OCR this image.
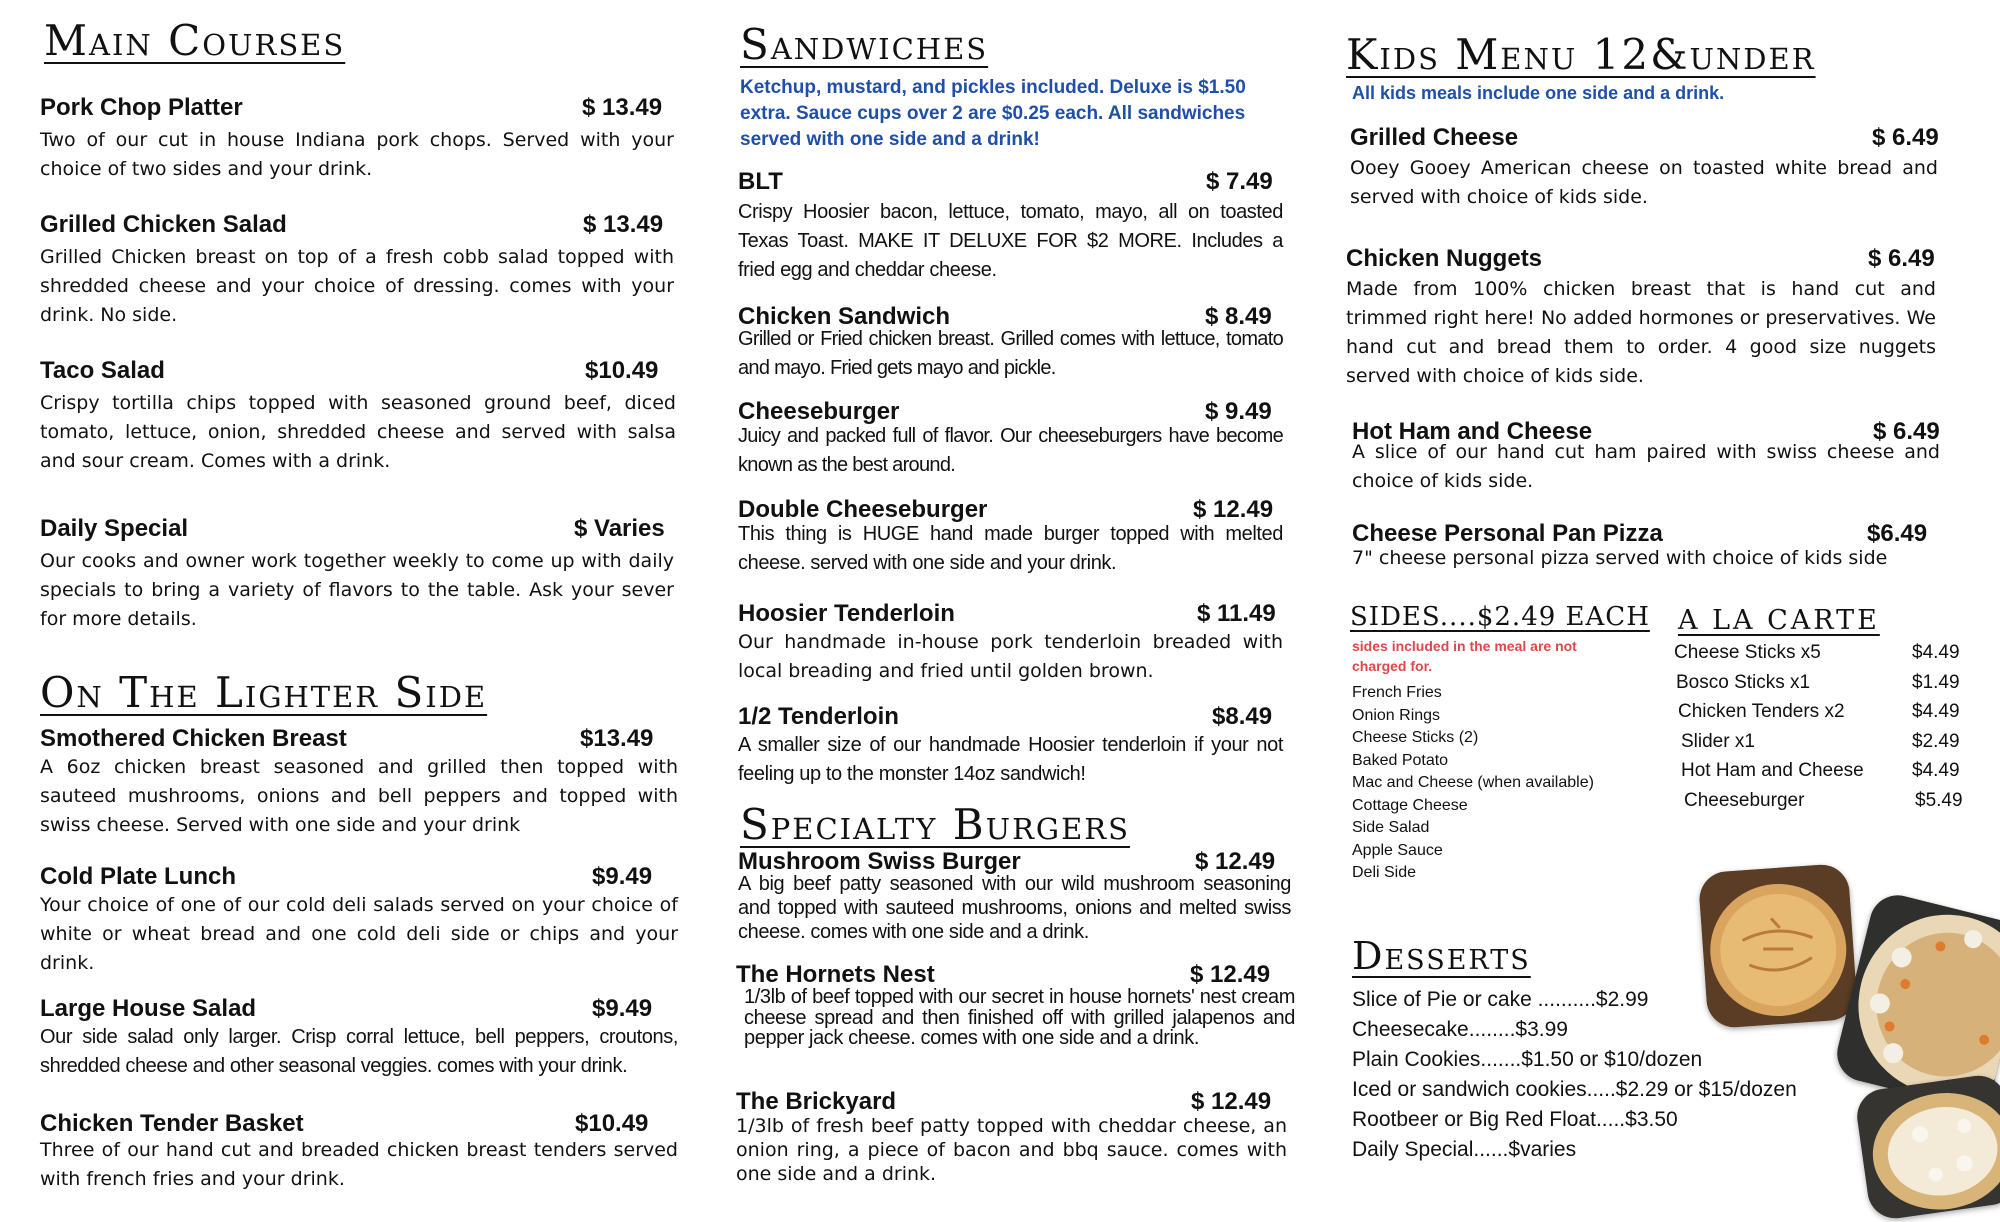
Main Courses
Pork Chop Platter	$ 13.49
Two of our cut in house Indiana pork chops. Served with your choice of two sides and your drink.
Grilled Chicken Salad	$ 13.49
Grilled Chicken breast on top of a fresh cobb salad topped with shredded cheese and your choice of dressing. comes with your drink. No side.
Taco Salad	$10.49
Crispy tortilla chips topped with seasoned ground beef, diced tomato, lettuce, onion, shredded cheese and served with salsa and sour cream. Comes with a drink.
Daily Special	$ Varies
Our cooks and owner work together weekly to come up with daily specials to bring a variety of flavors to the table. Ask your sever for more details.
On The Lighter Side
Smothered Chicken Breast	$13.49
A 6oz chicken breast seasoned and grilled then topped with sauteed mushrooms, onions and bell peppers and topped with swiss cheese. Served with one side and your drink
Cold Plate Lunch	$9.49
Your choice of one of our cold deli salads served on your choice of white or wheat bread and one cold deli side or chips and your drink.
Large House Salad	$9.49
Our side salad only larger. Crisp corral lettuce, bell peppers, croutons, shredded cheese and other seasonal veggies. comes with your drink.
Chicken Tender Basket	$10.49
Three of our hand cut and breaded chicken breast tenders served with french fries and your drink.
Sandwiches
Ketchup, mustard, and pickles included. Deluxe is $1.50 extra. Sauce cups over 2 are $0.25 each. All sandwiches served with one side and a drink!
BLT	$ 7.49
Crispy Hoosier bacon, lettuce, tomato, mayo, all on toasted Texas Toast. MAKE IT DELUXE FOR $2 MORE. Includes a fried egg and cheddar cheese.
Chicken Sandwich	$ 8.49
Grilled or Fried chicken breast. Grilled comes with lettuce, tomato and mayo. Fried gets mayo and pickle.
Cheeseburger	$ 9.49
Juicy and packed full of flavor. Our cheeseburgers have become known as the best around.
Double Cheeseburger	$ 12.49
This thing is HUGE hand made burger topped with melted cheese. served with one side and your drink.
Hoosier Tenderloin	$ 11.49
Our handmade in-house pork tenderloin breaded with local breading and fried until golden brown.
1/2 Tenderloin	$8.49
A smaller size of our handmade Hoosier tenderloin if your not feeling up to the monster 14oz sandwich!
Specialty Burgers
Mushroom Swiss Burger	$ 12.49
A big beef patty seasoned with our wild mushroom seasoning and topped with sauteed mushrooms, onions and melted swiss cheese. comes with one side and a drink.
The Hornets Nest	$ 12.49
1/3lb of beef topped with our secret in house hornets' nest cream cheese spread and then finished off with grilled jalapenos and pepper jack cheese. comes with one side and a drink.
The Brickyard	$ 12.49
1/3lb of fresh beef patty topped with cheddar cheese, an onion ring, a piece of bacon and bbq sauce. comes with one side and a drink.
Kids Menu 12&under
All kids meals include one side and a drink.
Grilled Cheese	$ 6.49
Ooey Gooey American cheese on toasted white bread and served with choice of kids side.
Chicken Nuggets	$ 6.49
Made from 100% chicken breast that is hand cut and trimmed right here! No added hormones or preservatives. We hand cut and bread them to order. 4 good size nuggets served with choice of kids side.
Hot Ham and Cheese	$ 6.49
A slice of our hand cut ham paired with swiss cheese and choice of kids side.
Cheese Personal Pan Pizza	$6.49
7" cheese personal pizza served with choice of kids side
SIDES....$2.49 EACH
sides included in the meal are not charged for.
French Fries
Onion Rings
Cheese Sticks (2)
Baked Potato
Mac and Cheese (when available)
Cottage Cheese
Side Salad
Apple Sauce
Deli Side
A LA CARTE
Cheese Sticks x5	$4.49
Bosco Sticks x1	$1.49
Chicken Tenders x2	$4.49
Slider x1	$2.49
Hot Ham and Cheese	$4.49
Cheeseburger	$5.49
Desserts
Slice of Pie or cake ..........$2.99
Cheesecake........$3.99
Plain Cookies.......$1.50 or $10/dozen
Iced or sandwich cookies.....$2.29 or $15/dozen
Rootbeer or Big Red Float.....$3.50
Daily Special......$varies
